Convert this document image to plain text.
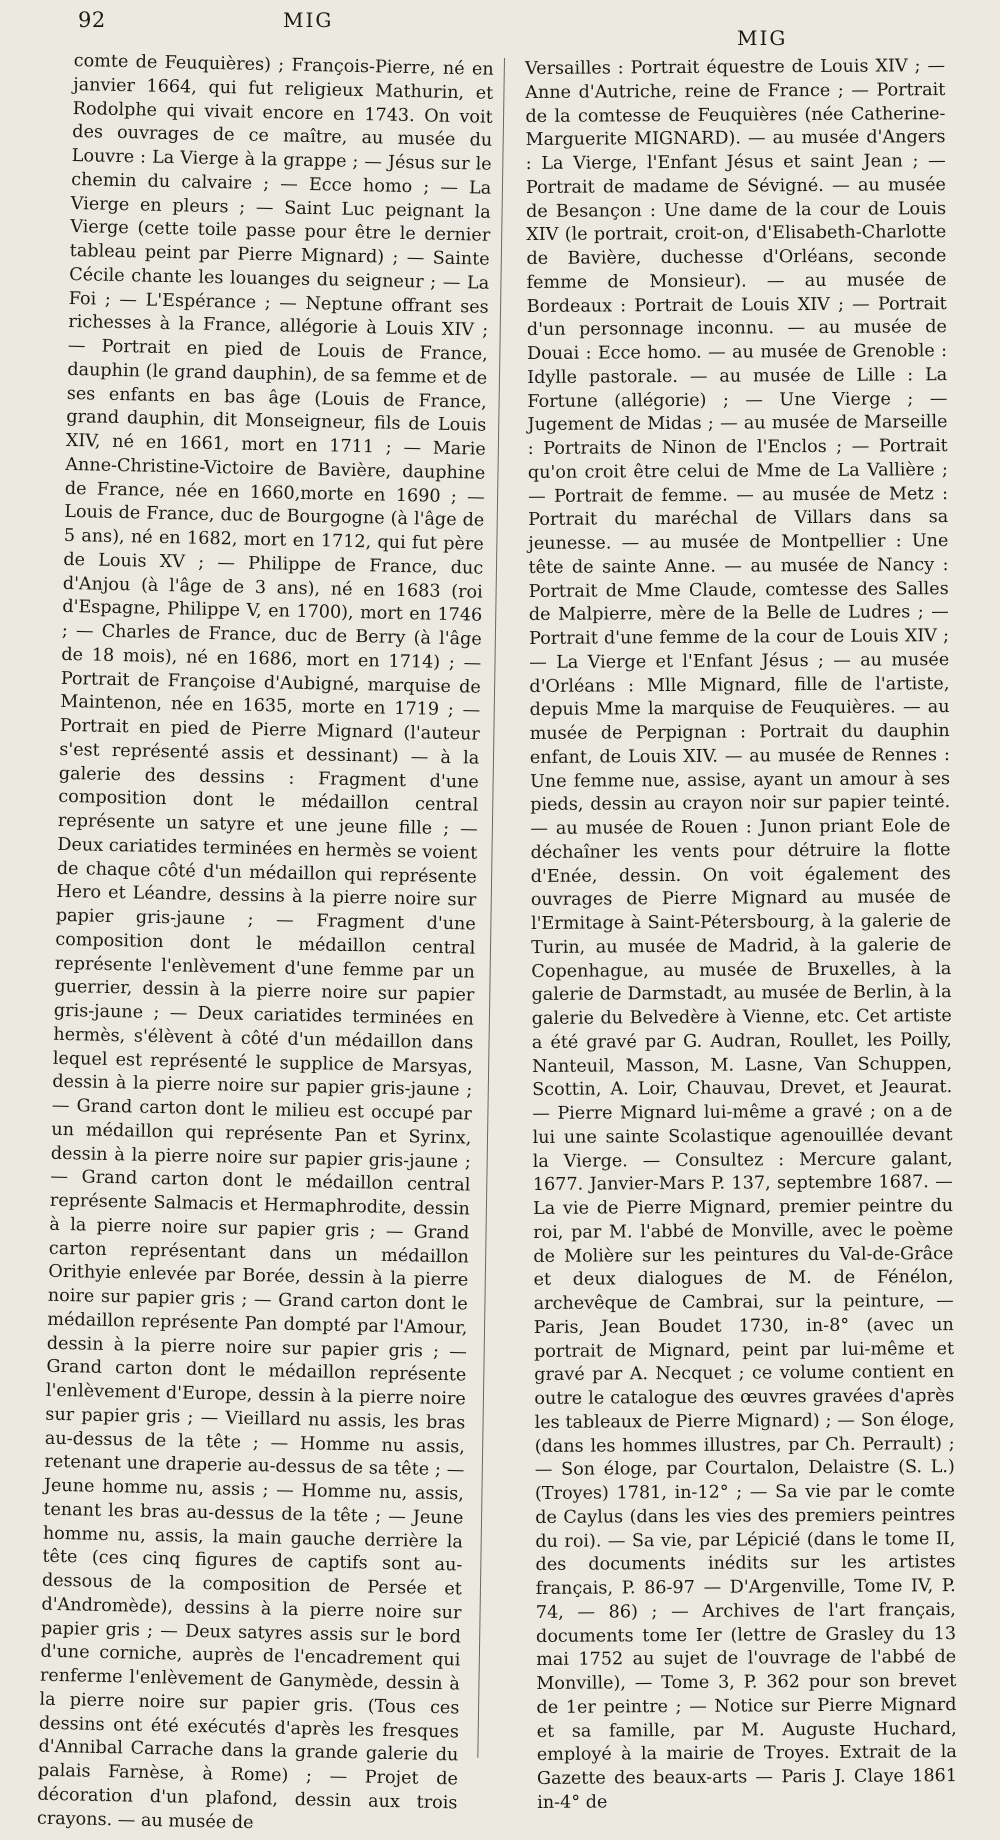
92	MIG
MIG

comte de Feuquières) ; François-Pierre, né en janvier 1664, qui fut religieux Mathurin, et Rodolphe qui vivait encore en 1743. On voit des ouvrages de ce maître, au musée du Louvre : La Vierge à la grappe ; — Jésus sur le chemin du calvaire ; — Ecce homo ; — La Vierge en pleurs ; — Saint Luc peignant la Vierge (cette toile passe pour être le dernier tableau peint par Pierre Mignard) ; — Sainte Cécile chante les louanges du seigneur ; — La Foi ; — L'Espérance ; — Neptune offrant ses richesses à la France, allégorie à Louis XIV ; — Portrait en pied de Louis de France, dauphin (le grand dauphin), de sa femme et de ses enfants en bas âge (Louis de France, grand dauphin, dit Monseigneur, fils de Louis XIV, né en 1661, mort en 1711 ; — Marie Anne-Christine-Victoire de Bavière, dauphine de France, née en 1660,morte en 1690 ; — Louis de France, duc de Bourgogne (à l'âge de 5 ans), né en 1682, mort en 1712, qui fut père de Louis XV ; — Philippe de France, duc d'Anjou (à l'âge de 3 ans), né en 1683 (roi d'Espagne, Philippe V, en 1700), mort en 1746 ; — Charles de France, duc de Berry (à l'âge de 18 mois), né en 1686, mort en 1714) ; — Portrait de Françoise d'Aubigné, marquise de Maintenon, née en 1635, morte en 1719 ; — Portrait en pied de Pierre Mignard (l'auteur s'est représenté assis et dessinant) — à la galerie des dessins : Fragment d'une composition dont le médaillon central représente un satyre et une jeune fille ; — Deux cariatides terminées en hermès se voient de chaque côté d'un médaillon qui représente Hero et Léandre, dessins à la pierre noire sur papier gris-jaune ; — Fragment d'une composition dont le médaillon central représente l'enlèvement d'une femme par un guerrier, dessin à la pierre noire sur papier gris-jaune ; — Deux cariatides terminées en hermès, s'élèvent à côté d'un médaillon dans lequel est représenté le supplice de Marsyas, dessin à la pierre noire sur papier gris-jaune ; — Grand carton dont le milieu est occupé par un médaillon qui représente Pan et Syrinx, dessin à la pierre noire sur papier gris-jaune ; — Grand carton dont le médaillon central représente Salmacis et Hermaphrodite, dessin à la pierre noire sur papier gris ; — Grand carton représentant dans un médaillon Orithyie enlevée par Borée, dessin à la pierre noire sur papier gris ; — Grand carton dont le médaillon représente Pan dompté par l'Amour, dessin à la pierre noire sur papier gris ; — Grand carton dont le médaillon représente l'enlèvement d'Europe, dessin à la pierre noire sur papier gris ; — Vieillard nu assis, les bras au-dessus de la tête ; — Homme nu assis, retenant une draperie au-dessus de sa tête ; — Jeune homme nu, assis ; — Homme nu, assis, tenant les bras au-dessus de la tête ; — Jeune homme nu, assis, la main gauche derrière la tête (ces cinq figures de captifs sont au-dessous de la composition de Persée et d'Andromède), dessins à la pierre noire sur papier gris ; — Deux satyres assis sur le bord d'une corniche, auprès de l'encadrement qui renferme l'enlèvement de Ganymède, dessin à la pierre noire sur papier gris. (Tous ces dessins ont été exécutés d'après les fresques d'Annibal Carrache dans la grande galerie du palais Farnèse, à Rome) ; — Projet de décoration d'un plafond, dessin aux trois crayons. — au musée de

Versailles : Portrait équestre de Louis XIV ; — Anne d'Autriche, reine de France ; — Portrait de la comtesse de Feuquières (née Catherine-Marguerite MIGNARD). — au musée d'Angers : La Vierge, l'Enfant Jésus et saint Jean ; — Portrait de madame de Sévigné. — au musée de Besançon : Une dame de la cour de Louis XIV (le portrait, croit-on, d'Elisabeth-Charlotte de Bavière, duchesse d'Orléans, seconde femme de Monsieur). — au musée de Bordeaux : Portrait de Louis XIV ; — Portrait d'un personnage inconnu. — au musée de Douai : Ecce homo. — au musée de Grenoble : Idylle pastorale. — au musée de Lille : La Fortune (allégorie) ; — Une Vierge ; — Jugement de Midas ; — au musée de Marseille : Portraits de Ninon de l'Enclos ; — Portrait qu'on croit être celui de Mme de La Vallière ; — Portrait de femme. — au musée de Metz : Portrait du maréchal de Villars dans sa jeunesse. — au musée de Montpellier : Une tête de sainte Anne. — au musée de Nancy : Portrait de Mme Claude, comtesse des Salles de Malpierre, mère de la Belle de Ludres ; — Portrait d'une femme de la cour de Louis XIV ; — La Vierge et l'Enfant Jésus ; — au musée d'Orléans : Mlle Mignard, fille de l'artiste, depuis Mme la marquise de Feuquières. — au musée de Perpignan : Portrait du dauphin enfant, de Louis XIV. — au musée de Rennes : Une femme nue, assise, ayant un amour à ses pieds, dessin au crayon noir sur papier teinté. — au musée de Rouen : Junon priant Eole de déchaîner les vents pour détruire la flotte d'Enée, dessin. On voit également des ouvrages de Pierre Mignard au musée de l'Ermitage à Saint-Pétersbourg, à la galerie de Turin, au musée de Madrid, à la galerie de Copenhague, au musée de Bruxelles, à la galerie de Darmstadt, au musée de Berlin, à la galerie du Belvedère à Vienne, etc. Cet artiste a été gravé par G. Audran, Roullet, les Poilly, Nanteuil, Masson, M. Lasne, Van Schuppen, Scottin, A. Loir, Chauvau, Drevet, et Jeaurat. — Pierre Mignard lui-même a gravé ; on a de lui une sainte Scolastique agenouillée devant la Vierge. — Consultez : Mercure galant, 1677. Janvier-Mars P. 137, septembre 1687. — La vie de Pierre Mignard, premier peintre du roi, par M. l'abbé de Monville, avec le poème de Molière sur les peintures du Val-de-Grâce et deux dialogues de M. de Fénélon, archevêque de Cambrai, sur la peinture, — Paris, Jean Boudet 1730, in-8° (avec un portrait de Mignard, peint par lui-même et gravé par A. Necquet ; ce volume contient en outre le catalogue des œuvres gravées d'après les tableaux de Pierre Mignard) ; — Son éloge, (dans les hommes illustres, par Ch. Perrault) ; — Son éloge, par Courtalon, Delaistre (S. L.) (Troyes) 1781, in-12° ; — Sa vie par le comte de Caylus (dans les vies des premiers peintres du roi). — Sa vie, par Lépicié (dans le tome II, des documents inédits sur les artistes français, P. 86-97 — D'Argenville, Tome IV, P. 74, — 86) ; — Archives de l'art français, documents tome Ier (lettre de Grasley du 13 mai 1752 au sujet de l'ouvrage de l'abbé de Monville), — Tome 3, P. 362 pour son brevet de 1er peintre ; — Notice sur Pierre Mignard et sa famille, par M. Auguste Huchard, employé à la mairie de Troyes. Extrait de la Gazette des beaux-arts — Paris J. Claye 1861 in-4° de
